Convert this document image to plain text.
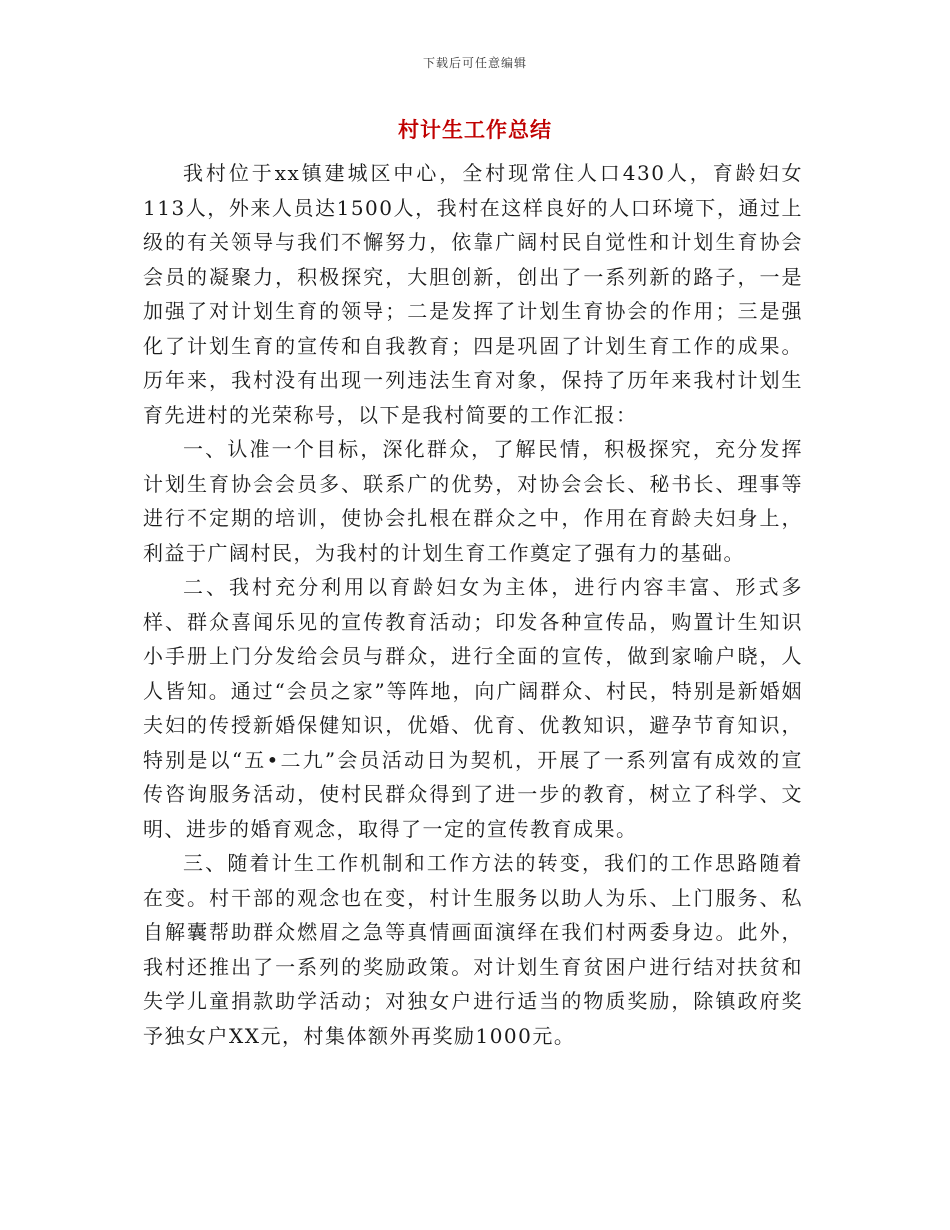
下载后可任意编辑
村计生工作总结

我村位于xx镇建城区中心，全村现常住人口430人，育龄妇女113人，外来人员达1500人，我村在这样良好的人口环境下，通过上级的有关领导与我们不懈努力，依靠广阔村民自觉性和计划生育协会会员的凝聚力，积极探究，大胆创新，创出了一系列新的路子，一是加强了对计划生育的领导；二是发挥了计划生育协会的作用；三是强化了计划生育的宣传和自我教育；四是巩固了计划生育工作的成果。历年来，我村没有出现一列违法生育对象，保持了历年来我村计划生育先进村的光荣称号，以下是我村简要的工作汇报：

一、认准一个目标，深化群众，了解民情，积极探究，充分发挥计划生育协会会员多、联系广的优势，对协会会长、秘书长、理事等进行不定期的培训，使协会扎根在群众之中，作用在育龄夫妇身上，利益于广阔村民，为我村的计划生育工作奠定了强有力的基础。

二、我村充分利用以育龄妇女为主体，进行内容丰富、形式多样、群众喜闻乐见的宣传教育活动；印发各种宣传品，购置计生知识小手册上门分发给会员与群众，进行全面的宣传，做到家喻户晓，人人皆知。通过“会员之家”等阵地，向广阔群众、村民，特别是新婚姻夫妇的传授新婚保健知识，优婚、优育、优教知识，避孕节育知识，特别是以“五•二九”会员活动日为契机，开展了一系列富有成效的宣传咨询服务活动，使村民群众得到了进一步的教育，树立了科学、文明、进步的婚育观念，取得了一定的宣传教育成果。

三、随着计生工作机制和工作方法的转变，我们的工作思路随着在变。村干部的观念也在变，村计生服务以助人为乐、上门服务、私自解囊帮助群众燃眉之急等真情画面演绎在我们村两委身边。此外，我村还推出了一系列的奖励政策。对计划生育贫困户进行结对扶贫和失学儿童捐款助学活动；对独女户进行适当的物质奖励，除镇政府奖予独女户XX元，村集体额外再奖励1000元。
